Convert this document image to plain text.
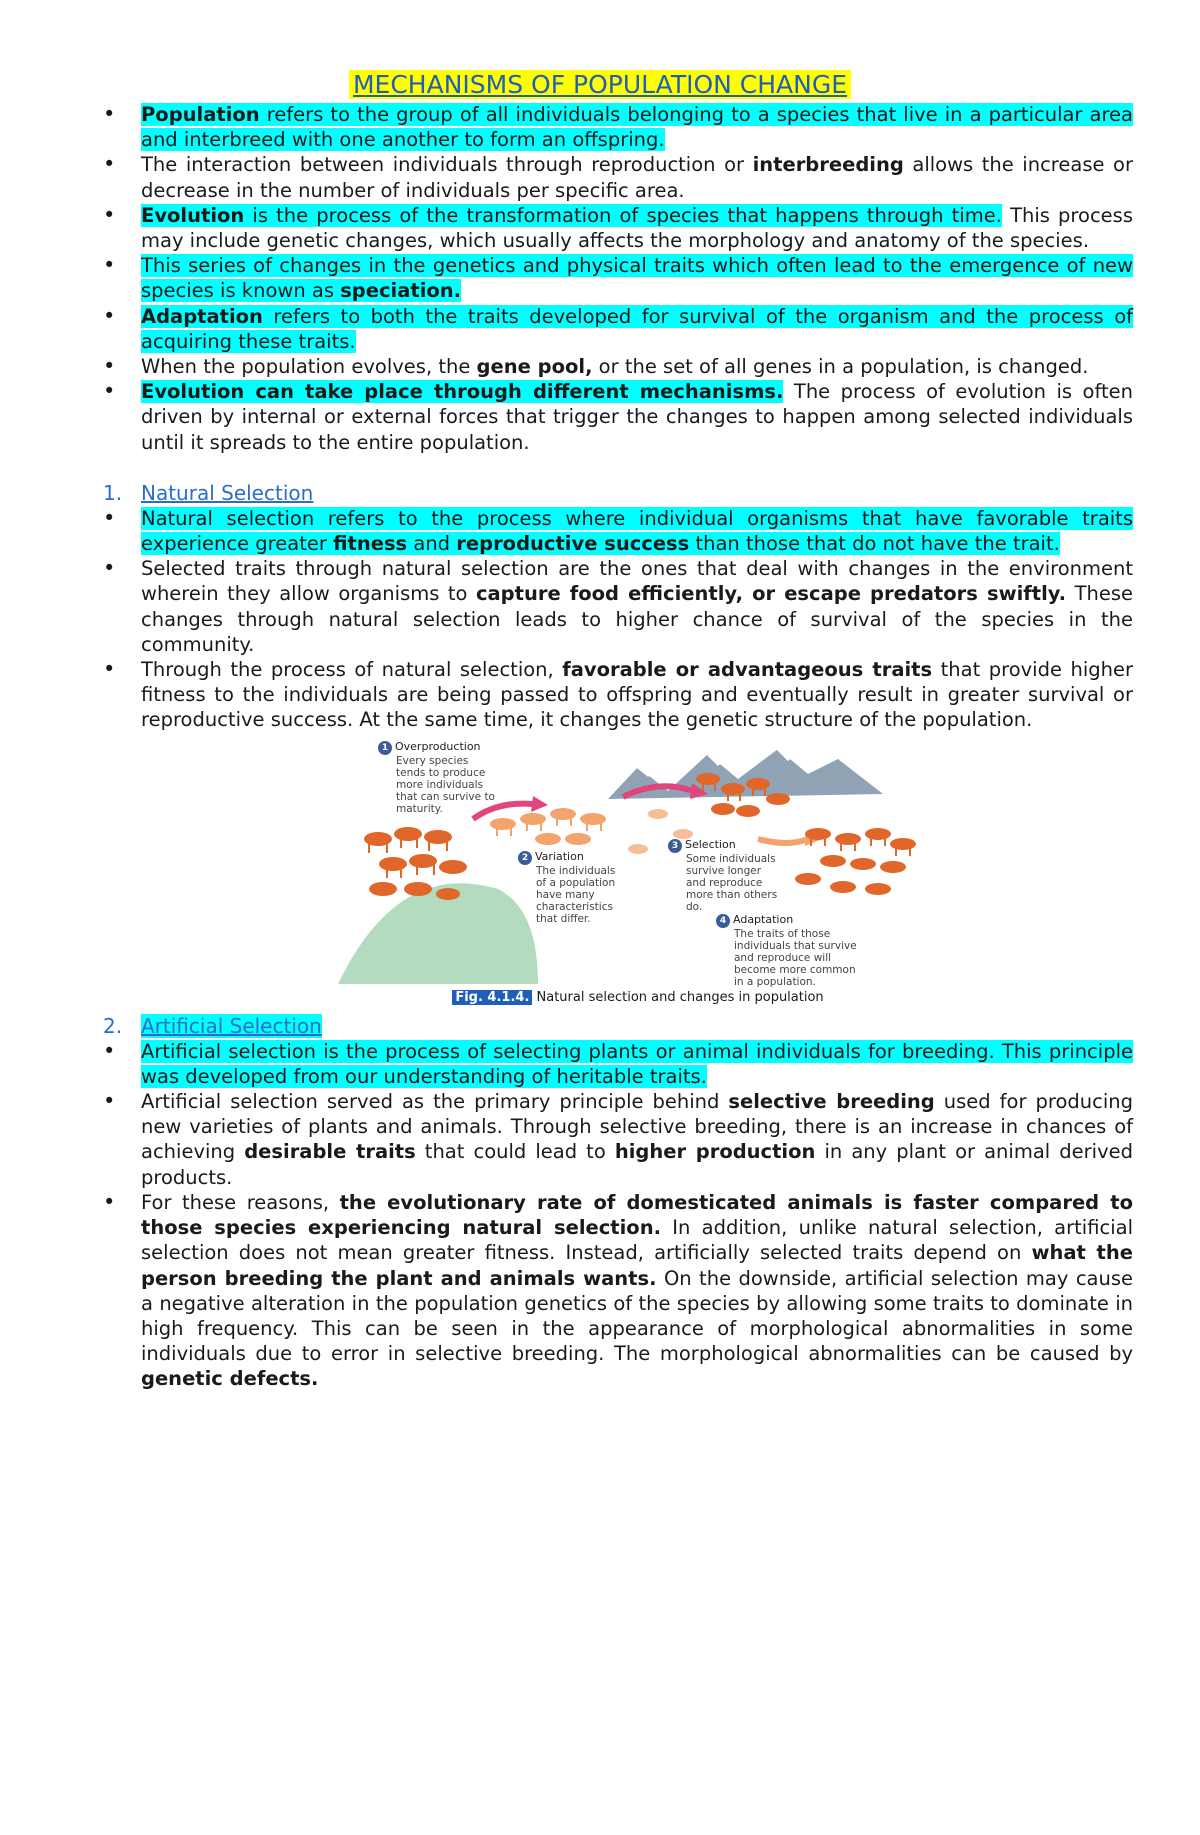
MECHANISMS OF POPULATION CHANGE
• Population refers to the group of all individuals belonging to a species that live in a particular area and interbreed with one another to form an offspring.
• The interaction between individuals through reproduction or interbreeding allows the increase or decrease in the number of individuals per specific area.
• Evolution is the process of the transformation of species that happens through time. This process may include genetic changes, which usually affects the morphology and anatomy of the species.
• This series of changes in the genetics and physical traits which often lead to the emergence of new species is known as speciation.
• Adaptation refers to both the traits developed for survival of the organism and the process of acquiring these traits.
• When the population evolves, the gene pool, or the set of all genes in a population, is changed.
• Evolution can take place through different mechanisms. The process of evolution is often driven by internal or external forces that trigger the changes to happen among selected individuals until it spreads to the entire population.
1. Natural Selection
• Natural selection refers to the process where individual organisms that have favorable traits experience greater fitness and reproductive success than those that do not have the trait.
• Selected traits through natural selection are the ones that deal with changes in the environment wherein they allow organisms to capture food efficiently, or escape predators swiftly. These changes through natural selection leads to higher chance of survival of the species in the community.
• Through the process of natural selection, favorable or advantageous traits that provide higher fitness to the individuals are being passed to offspring and eventually result in greater survival or reproductive success. At the same time, it changes the genetic structure of the population.
1 Overproduction
Every species tends to produce more individuals that can survive to maturity.
2 Variation
The individuals of a population have many characteristics that differ.
3 Selection
Some individuals survive longer and reproduce more than others do.
4 Adaptation
The traits of those individuals that survive and reproduce will become more common in a population.
Fig. 4.1.4. Natural selection and changes in population
2. Artificial Selection
• Artificial selection is the process of selecting plants or animal individuals for breeding. This principle was developed from our understanding of heritable traits.
• Artificial selection served as the primary principle behind selective breeding used for producing new varieties of plants and animals. Through selective breeding, there is an increase in chances of achieving desirable traits that could lead to higher production in any plant or animal derived products.
• For these reasons, the evolutionary rate of domesticated animals is faster compared to those species experiencing natural selection. In addition, unlike natural selection, artificial selection does not mean greater fitness. Instead, artificially selected traits depend on what the person breeding the plant and animals wants. On the downside, artificial selection may cause a negative alteration in the population genetics of the species by allowing some traits to dominate in high frequency. This can be seen in the appearance of morphological abnormalities in some individuals due to error in selective breeding. The morphological abnormalities can be caused by genetic defects.
